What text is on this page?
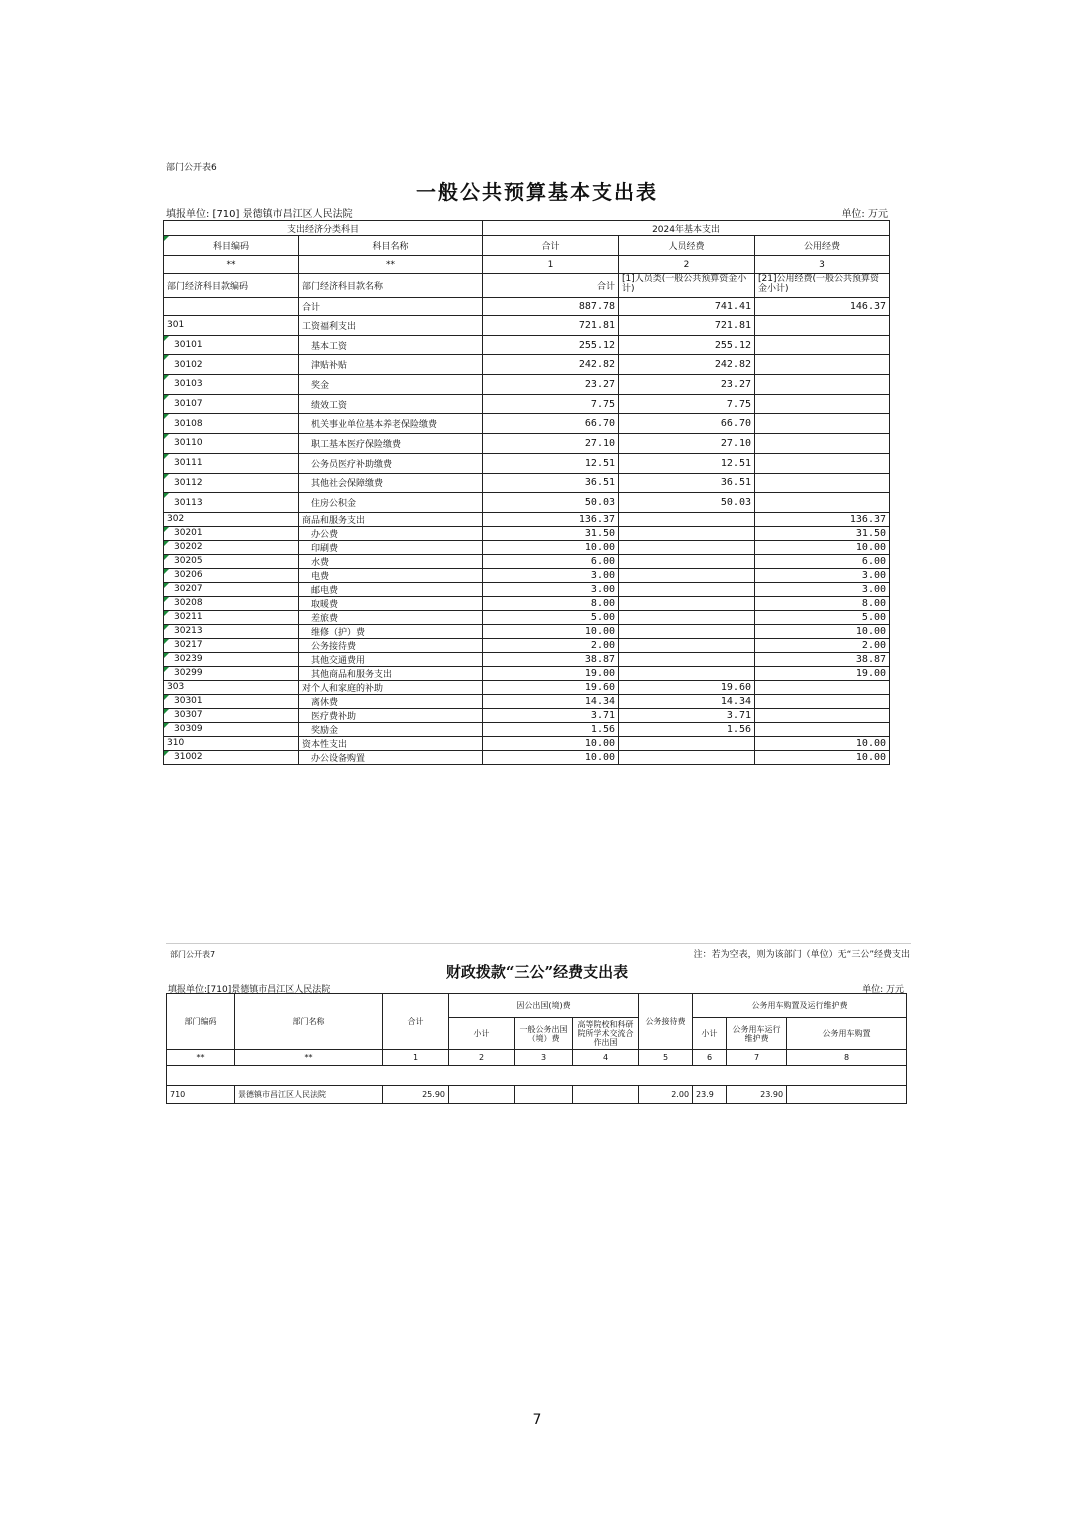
部门公开表6
一般公共预算基本支出表
填报单位: [710] 景德镇市昌江区人民法院	单位: 万元
支出经济分类科目		2024年基本支出		
科目编码	科目名称	合计	人员经费	公用经费
**	**	1	2	3
部门经济科目款编码	部门经济科目款名称	合计	[1]人员类(一般公共预算资金小计)	[21]公用经费(一般公共预算资金小计)
	合计	887.78	741.41	146.37
301	工资福利支出	721.81	721.81	
30101	基本工资	255.12	255.12	
30102	津贴补贴	242.82	242.82	
30103	奖金	23.27	23.27	
30107	绩效工资	7.75	7.75	
30108	机关事业单位基本养老保险缴费	66.70	66.70	
30110	职工基本医疗保险缴费	27.10	27.10	
30111	公务员医疗补助缴费	12.51	12.51	
30112	其他社会保障缴费	36.51	36.51	
30113	住房公积金	50.03	50.03	
302	商品和服务支出	136.37		136.37
30201	办公费	31.50		31.50
30202	印刷费	10.00		10.00
30205	水费	6.00		6.00
30206	电费	3.00		3.00
30207	邮电费	3.00		3.00
30208	取暖费	8.00		8.00
30211	差旅费	5.00		5.00
30213	维修（护）费	10.00		10.00
30217	公务接待费	2.00		2.00
30239	其他交通费用	38.87		38.87
30299	其他商品和服务支出	19.00		19.00
303	对个人和家庭的补助	19.60	19.60	
30301	离休费	14.34	14.34	
30307	医疗费补助	3.71	3.71	
30309	奖励金	1.56	1.56	
310	资本性支出	10.00		10.00
31002	办公设备购置	10.00		10.00
部门公开表7	注：若为空表，则为该部门（单位）无“三公”经费支出
财政拨款“三公”经费支出表
填报单位:[710]景德镇市昌江区人民法院	单位: 万元
部门编码	部门名称	合计	因公出国(境)费			公务接待费	公务用车购置及运行维护费		
			小计	一般公务出国（境）费	高等院校和科研院所学术交流合作出国		小计	公务用车运行维护费	公务用车购置
**	**	1	2	3	4	5	6	7	8

710	景德镇市昌江区人民法院	25.90				2.00	23.9	23.90	
7
